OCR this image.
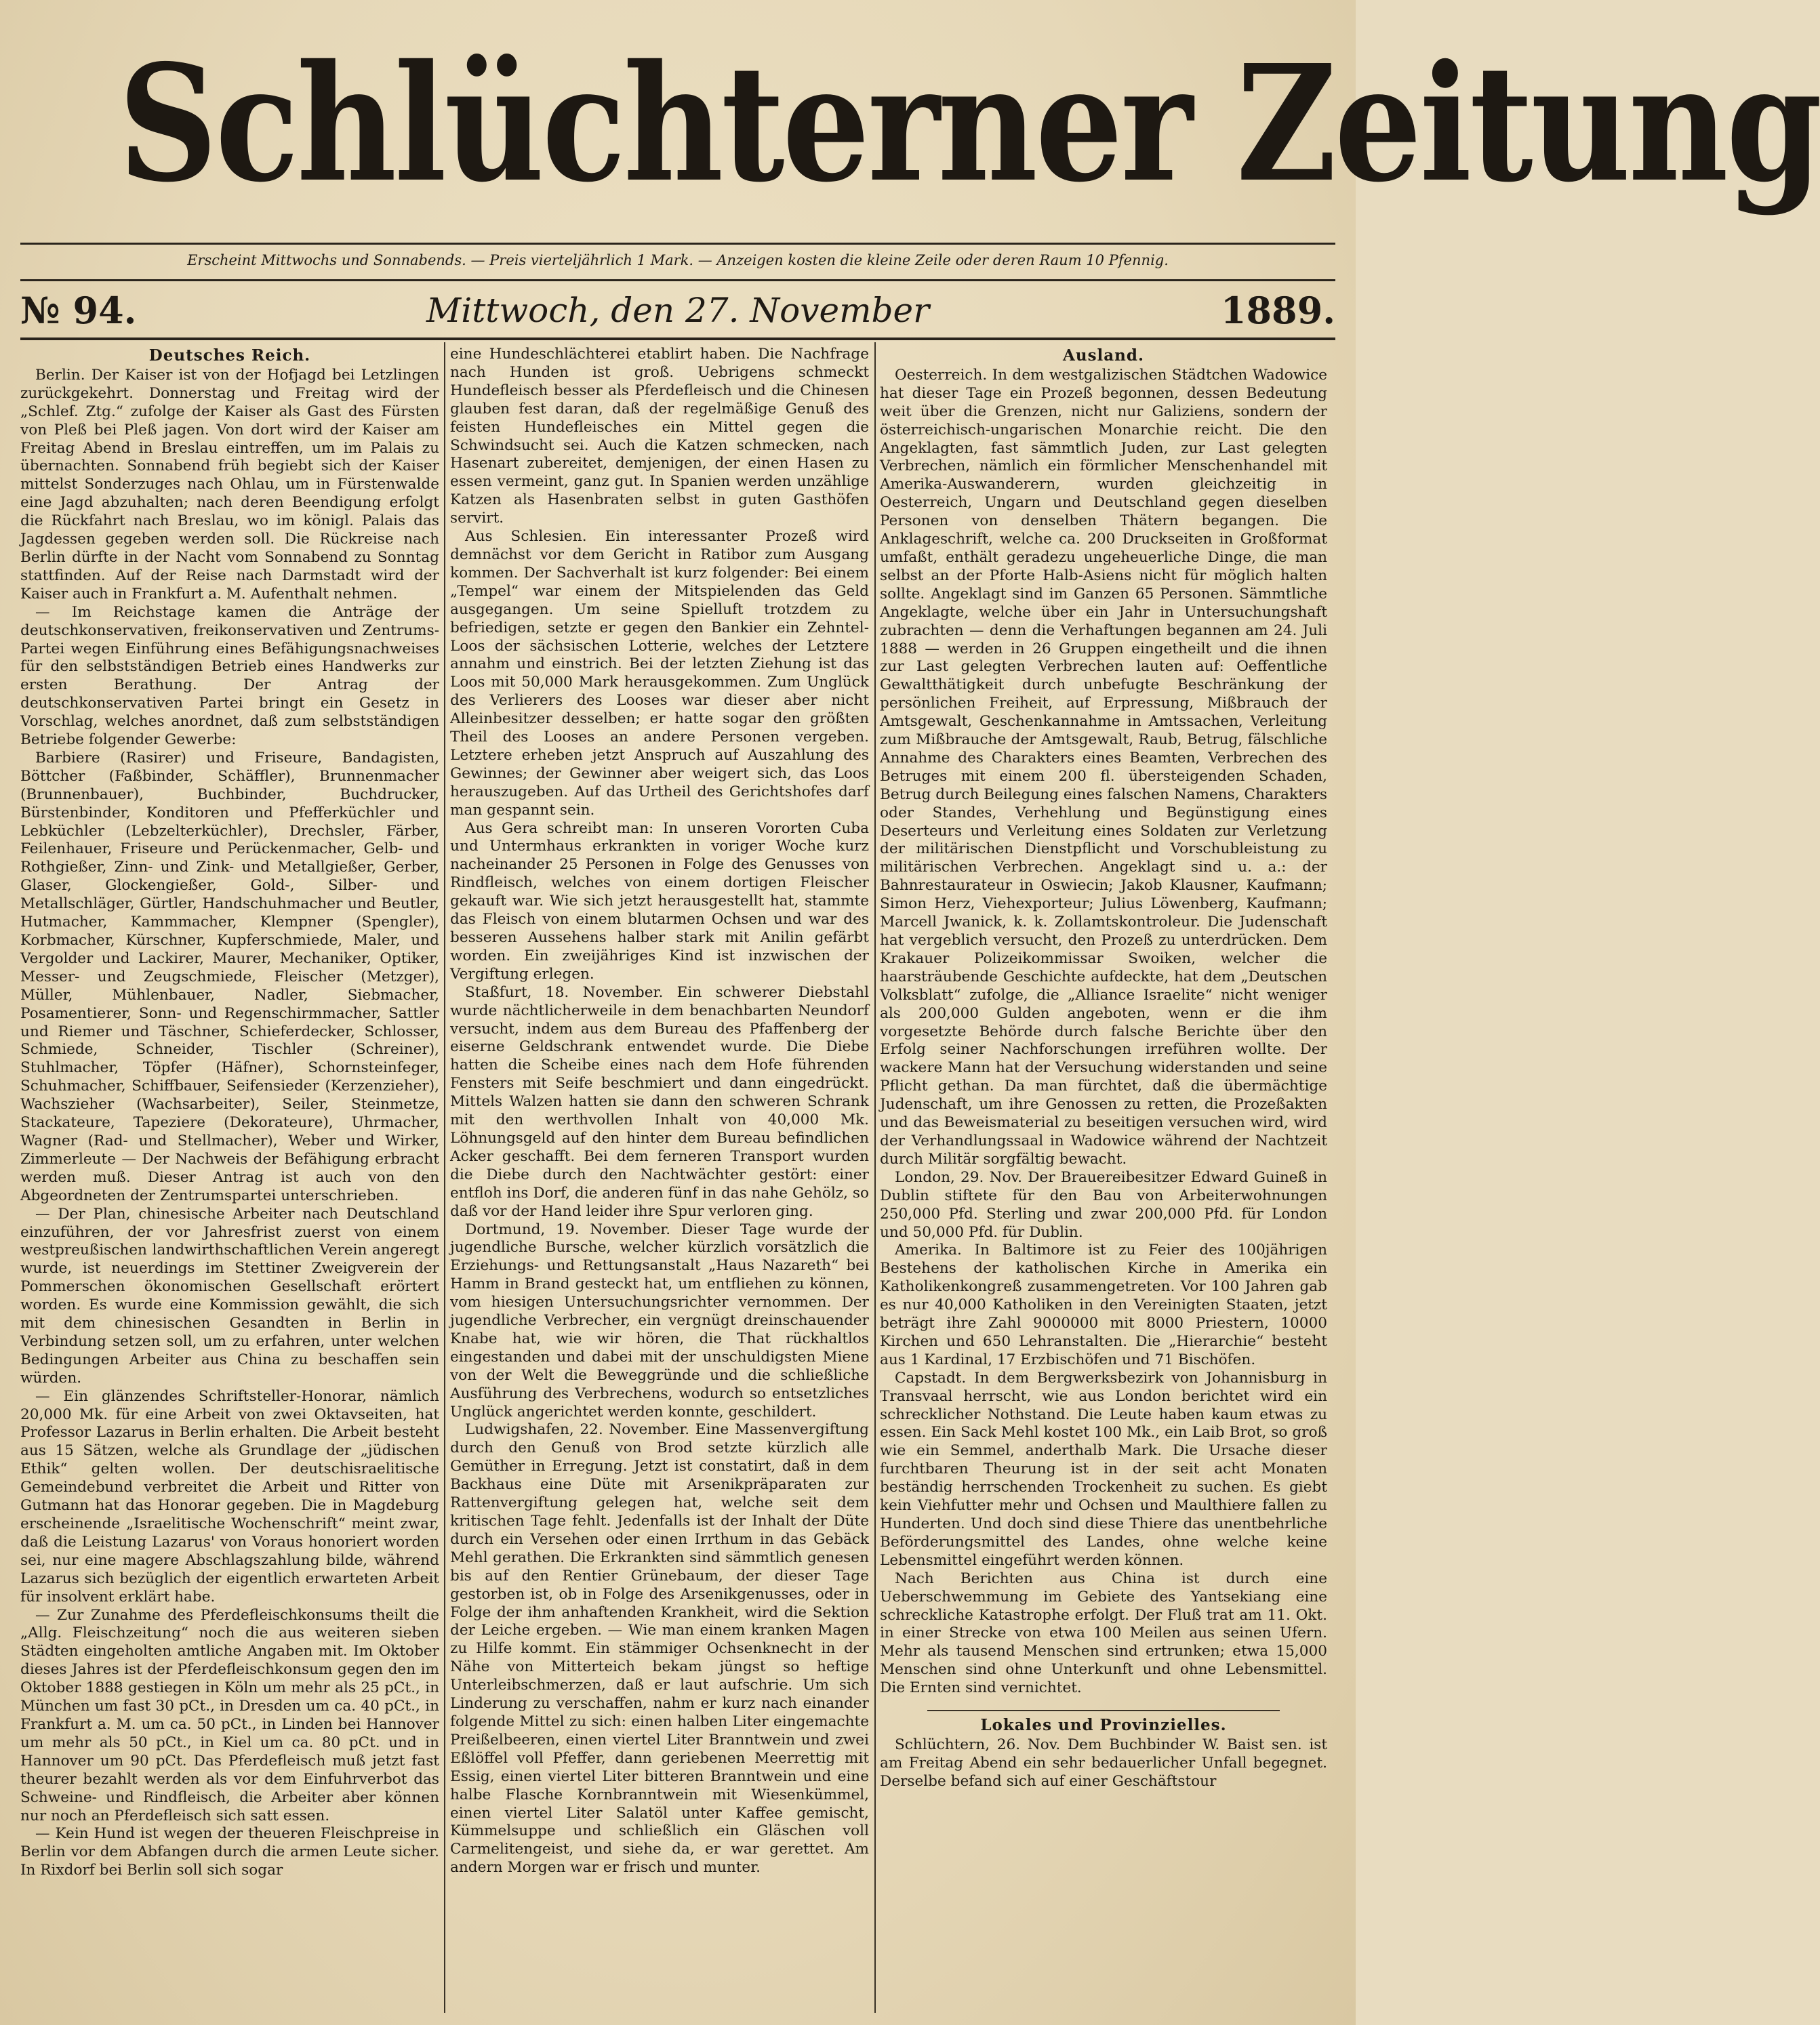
Schlüchterner Zeitung
Erscheint Mittwochs und Sonnabends. — Preis vierteljährlich 1 Mark. — Anzeigen kosten die kleine Zeile oder deren Raum 10 Pfennig.
Mittwoch, den 27. November
№ 94.	1889.
Deutsches Reich.

Berlin. Der Kaiser ist von der Hofjagd bei Letzlingen zurückgekehrt. Donnerstag und Freitag wird der „Schlef. Ztg.“ zufolge der Kaiser als Gast des Fürsten von Pleß bei Pleß jagen. Von dort wird der Kaiser am Freitag Abend in Breslau eintreffen, um im Palais zu übernachten. Sonnabend früh begiebt sich der Kaiser mittelst Sonderzuges nach Ohlau, um in Fürstenwalde eine Jagd abzuhalten; nach deren Beendigung erfolgt die Rückfahrt nach Breslau, wo im königl. Palais das Jagdessen gegeben werden soll. Die Rückreise nach Berlin dürfte in der Nacht vom Sonnabend zu Sonntag stattfinden. Auf der Reise nach Darmstadt wird der Kaiser auch in Frankfurt a. M. Aufenthalt nehmen.

— Im Reichstage kamen die Anträge der deutschkonservativen, freikonservativen und Zentrums-Partei wegen Einführung eines Befähigungsnachweises für den selbstständigen Betrieb eines Handwerks zur ersten Berathung. Der Antrag der deutschkonservativen Partei bringt ein Gesetz in Vorschlag, welches anordnet, daß zum selbstständigen Betriebe folgender Gewerbe:

Barbiere (Rasirer) und Friseure, Bandagisten, Böttcher (Faßbinder, Schäffler), Brunnenmacher (Brunnenbauer), Buchbinder, Buchdrucker, Bürstenbinder, Konditoren und Pfefferküchler und Lebküchler (Lebzelterküchler), Drechsler, Färber, Feilenhauer, Friseure und Perückenmacher, Gelb- und Rothgießer, Zinn- und Zink- und Metallgießer, Gerber, Glaser, Glockengießer, Gold-, Silber- und Metallschläger, Gürtler, Handschuhmacher und Beutler, Hutmacher, Kammmacher, Klempner (Spengler), Korbmacher, Kürschner, Kupferschmiede, Maler, und Vergolder und Lackirer, Maurer, Mechaniker, Optiker, Messer- und Zeugschmiede, Fleischer (Metzger), Müller, Mühlenbauer, Nadler, Siebmacher, Posamentierer, Sonn- und Regenschirmmacher, Sattler und Riemer und Täschner, Schieferdecker, Schlosser, Schmiede, Schneider, Tischler (Schreiner), Stuhlmacher, Töpfer (Häfner), Schornsteinfeger, Schuhmacher, Schiffbauer, Seifensieder (Kerzenzieher), Wachszieher (Wachsarbeiter), Seiler, Steinmetze, Stackateure, Tapeziere (Dekorateure), Uhrmacher, Wagner (Rad- und Stellmacher), Weber und Wirker, Zimmerleute — Der Nachweis der Befähigung erbracht werden muß. Dieser Antrag ist auch von den Abgeordneten der Zentrumspartei unterschrieben.

— Der Plan, chinesische Arbeiter nach Deutschland einzuführen, der vor Jahresfrist zuerst von einem westpreußischen landwirthschaftlichen Verein angeregt wurde, ist neuerdings im Stettiner Zweigverein der Pommerschen ökonomischen Gesellschaft erörtert worden. Es wurde eine Kommission gewählt, die sich mit dem chinesischen Gesandten in Berlin in Verbindung setzen soll, um zu erfahren, unter welchen Bedingungen Arbeiter aus China zu beschaffen sein würden.

— Ein glänzendes Schriftsteller-Honorar, nämlich 20,000 Mk. für eine Arbeit von zwei Oktavseiten, hat Professor Lazarus in Berlin erhalten. Die Arbeit besteht aus 15 Sätzen, welche als Grundlage der „jüdischen Ethik“ gelten wollen. Der deutschisraelitische Gemeindebund verbreitet die Arbeit und Ritter von Gutmann hat das Honorar gegeben. Die in Magdeburg erscheinende „Israelitische Wochenschrift“ meint zwar, daß die Leistung Lazarus' von Voraus honoriert worden sei, nur eine magere Abschlagszahlung bilde, während Lazarus sich bezüglich der eigentlich erwarteten Arbeit für insolvent erklärt habe.

— Zur Zunahme des Pferdefleischkonsums theilt die „Allg. Fleischzeitung“ noch die aus weiteren sieben Städten eingeholten amtliche Angaben mit. Im Oktober dieses Jahres ist der Pferdefleischkonsum gegen den im Oktober 1888 gestiegen in Köln um mehr als 25 pCt., in München um fast 30 pCt., in Dresden um ca. 40 pCt., in Frankfurt a. M. um ca. 50 pCt., in Linden bei Hannover um mehr als 50 pCt., in Kiel um ca. 80 pCt. und in Hannover um 90 pCt. Das Pferdefleisch muß jetzt fast theurer bezahlt werden als vor dem Einfuhrverbot das Schweine- und Rindfleisch, die Arbeiter aber können nur noch an Pferdefleisch sich satt essen.

— Kein Hund ist wegen der theueren Fleischpreise in Berlin vor dem Abfangen durch die armen Leute sicher. In Rixdorf bei Berlin soll sich sogar

eine Hundeschlächterei etablirt haben. Die Nachfrage nach Hunden ist groß. Uebrigens schmeckt Hundefleisch besser als Pferdefleisch und die Chinesen glauben fest daran, daß der regelmäßige Genuß des feisten Hundefleisches ein Mittel gegen die Schwindsucht sei. Auch die Katzen schmecken, nach Hasenart zubereitet, demjenigen, der einen Hasen zu essen vermeint, ganz gut. In Spanien werden unzählige Katzen als Hasenbraten selbst in guten Gasthöfen servirt.

Aus Schlesien. Ein interessanter Prozeß wird demnächst vor dem Gericht in Ratibor zum Ausgang kommen. Der Sachverhalt ist kurz folgender: Bei einem „Tempel“ war einem der Mitspielenden das Geld ausgegangen. Um seine Spielluft trotzdem zu befriedigen, setzte er gegen den Bankier ein Zehntel-Loos der sächsischen Lotterie, welches der Letztere annahm und einstrich. Bei der letzten Ziehung ist das Loos mit 50,000 Mark herausgekommen. Zum Unglück des Verlierers des Looses war dieser aber nicht Alleinbesitzer desselben; er hatte sogar den größten Theil des Looses an andere Personen vergeben. Letztere erheben jetzt Anspruch auf Auszahlung des Gewinnes; der Gewinner aber weigert sich, das Loos herauszugeben. Auf das Urtheil des Gerichtshofes darf man gespannt sein.

Aus Gera schreibt man: In unseren Vororten Cuba und Untermhaus erkrankten in voriger Woche kurz nacheinander 25 Personen in Folge des Genusses von Rindfleisch, welches von einem dortigen Fleischer gekauft war. Wie sich jetzt herausgestellt hat, stammte das Fleisch von einem blutarmen Ochsen und war des besseren Aussehens halber stark mit Anilin gefärbt worden. Ein zweijähriges Kind ist inzwischen der Vergiftung erlegen.

Staßfurt, 18. November. Ein schwerer Diebstahl wurde nächtlicherweile in dem benachbarten Neundorf versucht, indem aus dem Bureau des Pfaffenberg der eiserne Geldschrank entwendet wurde. Die Diebe hatten die Scheibe eines nach dem Hofe führenden Fensters mit Seife beschmiert und dann eingedrückt. Mittels Walzen hatten sie dann den schweren Schrank mit den werthvollen Inhalt von 40,000 Mk. Löhnungsgeld auf den hinter dem Bureau befindlichen Acker geschafft. Bei dem ferneren Transport wurden die Diebe durch den Nachtwächter gestört: einer entfloh ins Dorf, die anderen fünf in das nahe Gehölz, so daß vor der Hand leider ihre Spur verloren ging.

Dortmund, 19. November. Dieser Tage wurde der jugendliche Bursche, welcher kürzlich vorsätzlich die Erziehungs- und Rettungsanstalt „Haus Nazareth“ bei Hamm in Brand gesteckt hat, um entfliehen zu können, vom hiesigen Untersuchungsrichter vernommen. Der jugendliche Verbrecher, ein vergnügt dreinschauender Knabe hat, wie wir hören, die That rückhaltlos eingestanden und dabei mit der unschuldigsten Miene von der Welt die Beweggründe und die schließliche Ausführung des Verbrechens, wodurch so entsetzliches Unglück angerichtet werden konnte, geschildert.

Ludwigshafen, 22. November. Eine Massenvergiftung durch den Genuß von Brod setzte kürzlich alle Gemüther in Erregung. Jetzt ist constatirt, daß in dem Backhaus eine Düte mit Arsenikpräparaten zur Rattenvergiftung gelegen hat, welche seit dem kritischen Tage fehlt. Jedenfalls ist der Inhalt der Düte durch ein Versehen oder einen Irrthum in das Gebäck Mehl gerathen. Die Erkrankten sind sämmtlich genesen bis auf den Rentier Grünebaum, der dieser Tage gestorben ist, ob in Folge des Arsenikgenusses, oder in Folge der ihm anhaftenden Krankheit, wird die Sektion der Leiche ergeben. — Wie man einem kranken Magen zu Hilfe kommt. Ein stämmiger Ochsenknecht in der Nähe von Mitterteich bekam jüngst so heftige Unterleibschmerzen, daß er laut aufschrie. Um sich Linderung zu verschaffen, nahm er kurz nach einander folgende Mittel zu sich: einen halben Liter eingemachte Preißelbeeren, einen viertel Liter Branntwein und zwei Eßlöffel voll Pfeffer, dann geriebenen Meerrettig mit Essig, einen viertel Liter bitteren Branntwein und eine halbe Flasche Kornbranntwein mit Wiesenkümmel, einen viertel Liter Salatöl unter Kaffee gemischt, Kümmelsuppe und schließlich ein Gläschen voll Carmelitengeist, und siehe da, er war gerettet. Am andern Morgen war er frisch und munter.

Ausland.

Oesterreich. In dem westgalizischen Städtchen Wadowice hat dieser Tage ein Prozeß begonnen, dessen Bedeutung weit über die Grenzen, nicht nur Galiziens, sondern der österreichisch-ungarischen Monarchie reicht. Die den Angeklagten, fast sämmtlich Juden, zur Last gelegten Verbrechen, nämlich ein förmlicher Menschenhandel mit Amerika-Auswanderern, wurden gleichzeitig in Oesterreich, Ungarn und Deutschland gegen dieselben Personen von denselben Thätern begangen. Die Anklageschrift, welche ca. 200 Druckseiten in Großformat umfaßt, enthält geradezu ungeheuerliche Dinge, die man selbst an der Pforte Halb-Asiens nicht für möglich halten sollte. Angeklagt sind im Ganzen 65 Personen. Sämmtliche Angeklagte, welche über ein Jahr in Untersuchungshaft zubrachten — denn die Verhaftungen begannen am 24. Juli 1888 — werden in 26 Gruppen eingetheilt und die ihnen zur Last gelegten Verbrechen lauten auf: Oeffentliche Gewaltthätigkeit durch unbefugte Beschränkung der persönlichen Freiheit, auf Erpressung, Mißbrauch der Amtsgewalt, Geschenkannahme in Amtssachen, Verleitung zum Mißbrauche der Amtsgewalt, Raub, Betrug, fälschliche Annahme des Charakters eines Beamten, Verbrechen des Betruges mit einem 200 fl. übersteigenden Schaden, Betrug durch Beilegung eines falschen Namens, Charakters oder Standes, Verhehlung und Begünstigung eines Deserteurs und Verleitung eines Soldaten zur Verletzung der militärischen Dienstpflicht und Vorschubleistung zu militärischen Verbrechen. Angeklagt sind u. a.: der Bahnrestaurateur in Oswiecin; Jakob Klausner, Kaufmann; Simon Herz, Viehexporteur; Julius Löwenberg, Kaufmann; Marcell Jwanick, k. k. Zollamtskontroleur. Die Judenschaft hat vergeblich versucht, den Prozeß zu unterdrücken. Dem Krakauer Polizeikommissar Swoiken, welcher die haarsträubende Geschichte aufdeckte, hat dem „Deutschen Volksblatt“ zufolge, die „Alliance Israelite“ nicht weniger als 200,000 Gulden angeboten, wenn er die ihm vorgesetzte Behörde durch falsche Berichte über den Erfolg seiner Nachforschungen irreführen wollte. Der wackere Mann hat der Versuchung widerstanden und seine Pflicht gethan. Da man fürchtet, daß die übermächtige Judenschaft, um ihre Genossen zu retten, die Prozeßakten und das Beweismaterial zu beseitigen versuchen wird, wird der Verhandlungssaal in Wadowice während der Nachtzeit durch Militär sorgfältig bewacht.

London, 29. Nov. Der Brauereibesitzer Edward Guineß in Dublin stiftete für den Bau von Arbeiterwohnungen 250,000 Pfd. Sterling und zwar 200,000 Pfd. für London und 50,000 Pfd. für Dublin.

Amerika. In Baltimore ist zu Feier des 100jährigen Bestehens der katholischen Kirche in Amerika ein Katholikenkongreß zusammengetreten. Vor 100 Jahren gab es nur 40,000 Katholiken in den Vereinigten Staaten, jetzt beträgt ihre Zahl 9000000 mit 8000 Priestern, 10000 Kirchen und 650 Lehranstalten. Die „Hierarchie“ besteht aus 1 Kardinal, 17 Erzbischöfen und 71 Bischöfen.

Capstadt. In dem Bergwerksbezirk von Johannisburg in Transvaal herrscht, wie aus London berichtet wird ein schrecklicher Nothstand. Die Leute haben kaum etwas zu essen. Ein Sack Mehl kostet 100 Mk., ein Laib Brot, so groß wie ein Semmel, anderthalb Mark. Die Ursache dieser furchtbaren Theurung ist in der seit acht Monaten beständig herrschenden Trockenheit zu suchen. Es giebt kein Viehfutter mehr und Ochsen und Maulthiere fallen zu Hunderten. Und doch sind diese Thiere das unentbehrliche Beförderungsmittel des Landes, ohne welche keine Lebensmittel eingeführt werden können.

Nach Berichten aus China ist durch eine Ueberschwemmung im Gebiete des Yantsekiang eine schreckliche Katastrophe erfolgt. Der Fluß trat am 11. Okt. in einer Strecke von etwa 100 Meilen aus seinen Ufern. Mehr als tausend Menschen sind ertrunken; etwa 15,000 Menschen sind ohne Unterkunft und ohne Lebensmittel. Die Ernten sind vernichtet.

Lokales und Provinzielles.

Schlüchtern, 26. Nov. Dem Buchbinder W. Baist sen. ist am Freitag Abend ein sehr bedauerlicher Unfall begegnet. Derselbe befand sich auf einer Geschäftstour
